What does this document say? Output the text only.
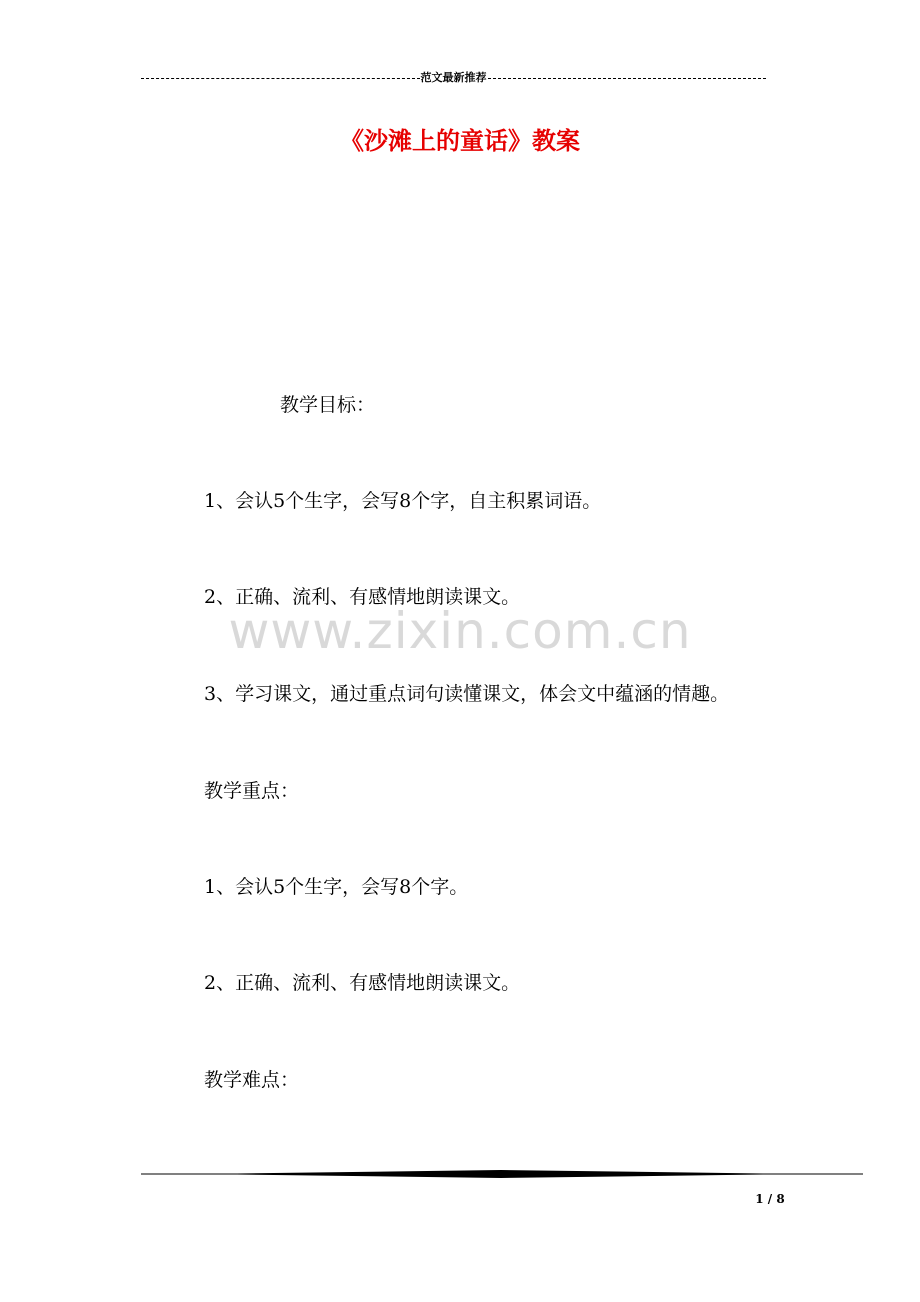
范文最新推荐
《沙滩上的童话》教案
www.zixin.com.cn
教学目标：
1、会认5个生字，会写8个字，自主积累词语。
2、正确、流利、有感情地朗读课文。
3、学习课文，通过重点词句读懂课文，体会文中蕴涵的情趣。
教学重点：
1、会认5个生字，会写8个字。
2、正确、流利、有感情地朗读课文。
教学难点：
1 / 8
